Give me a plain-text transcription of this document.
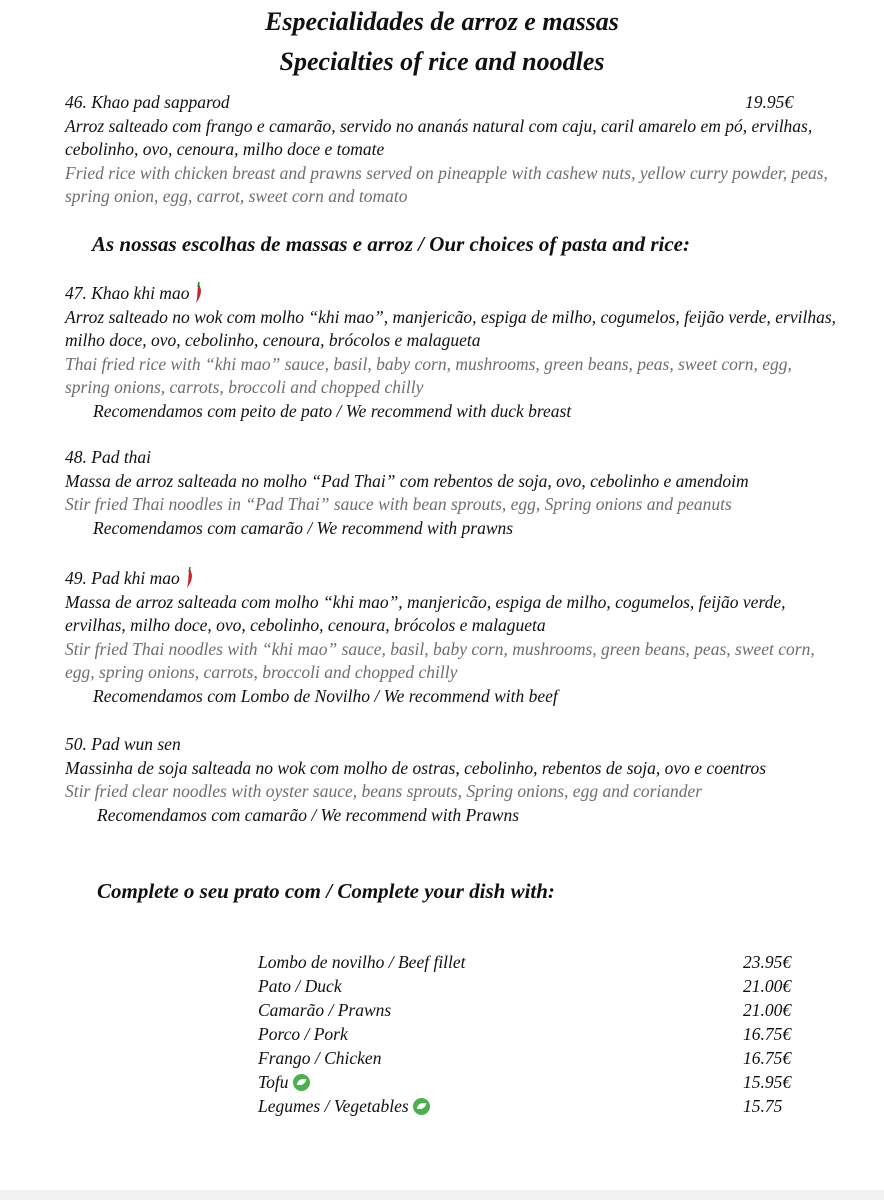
Especialidades de arroz e massas
Specialties of rice and noodles
46. Khao pad sapparod	19.95€
Arroz salteado com frango e camarão, servido no ananás natural com caju, caril amarelo em pó, ervilhas, cebolinho, ovo, cenoura, milho doce e tomate
Fried rice with chicken breast and prawns served on pineapple with cashew nuts, yellow curry powder, peas, spring onion, egg, carrot, sweet corn and tomato
As nossas escolhas de massas e arroz / Our choices of pasta and rice:
47. Khao khi mao
Arroz salteado no wok com molho “khi mao”, manjericão, espiga de milho, cogumelos, feijão verde, ervilhas, milho doce, ovo, cebolinho, cenoura, brócolos e malagueta
Thai fried rice with “khi mao” sauce, basil, baby corn, mushrooms, green beans, peas, sweet corn, egg, spring onions, carrots, broccoli and chopped chilly
Recomendamos com peito de pato / We recommend with duck breast
48. Pad thai
Massa de arroz salteada no molho “Pad Thai” com rebentos de soja, ovo, cebolinho e amendoim
Stir fried Thai noodles in “Pad Thai” sauce with bean sprouts, egg, Spring onions and peanuts
Recomendamos com camarão / We recommend with prawns
49. Pad khi mao
Massa de arroz salteada com molho “khi mao”, manjericão, espiga de milho, cogumelos, feijão verde, ervilhas, milho doce, ovo, cebolinho, cenoura, brócolos e malagueta
Stir fried Thai noodles with “khi mao” sauce, basil, baby corn, mushrooms, green beans, peas, sweet corn, egg, spring onions, carrots, broccoli and chopped chilly
Recomendamos com Lombo de Novilho / We recommend with beef
50. Pad wun sen
Massinha de soja salteada no wok com molho de ostras, cebolinho, rebentos de soja, ovo e coentros
Stir fried clear noodles with oyster sauce, beans sprouts, Spring onions, egg and coriander
Recomendamos com camarão / We recommend with Prawns
Complete o seu prato com / Complete your dish with:
Lombo de novilho / Beef fillet	23.95€
Pato / Duck	21.00€
Camarão / Prawns	21.00€
Porco / Pork	16.75€
Frango / Chicken	16.75€
Tofu	15.95€
Legumes / Vegetables	15.75
